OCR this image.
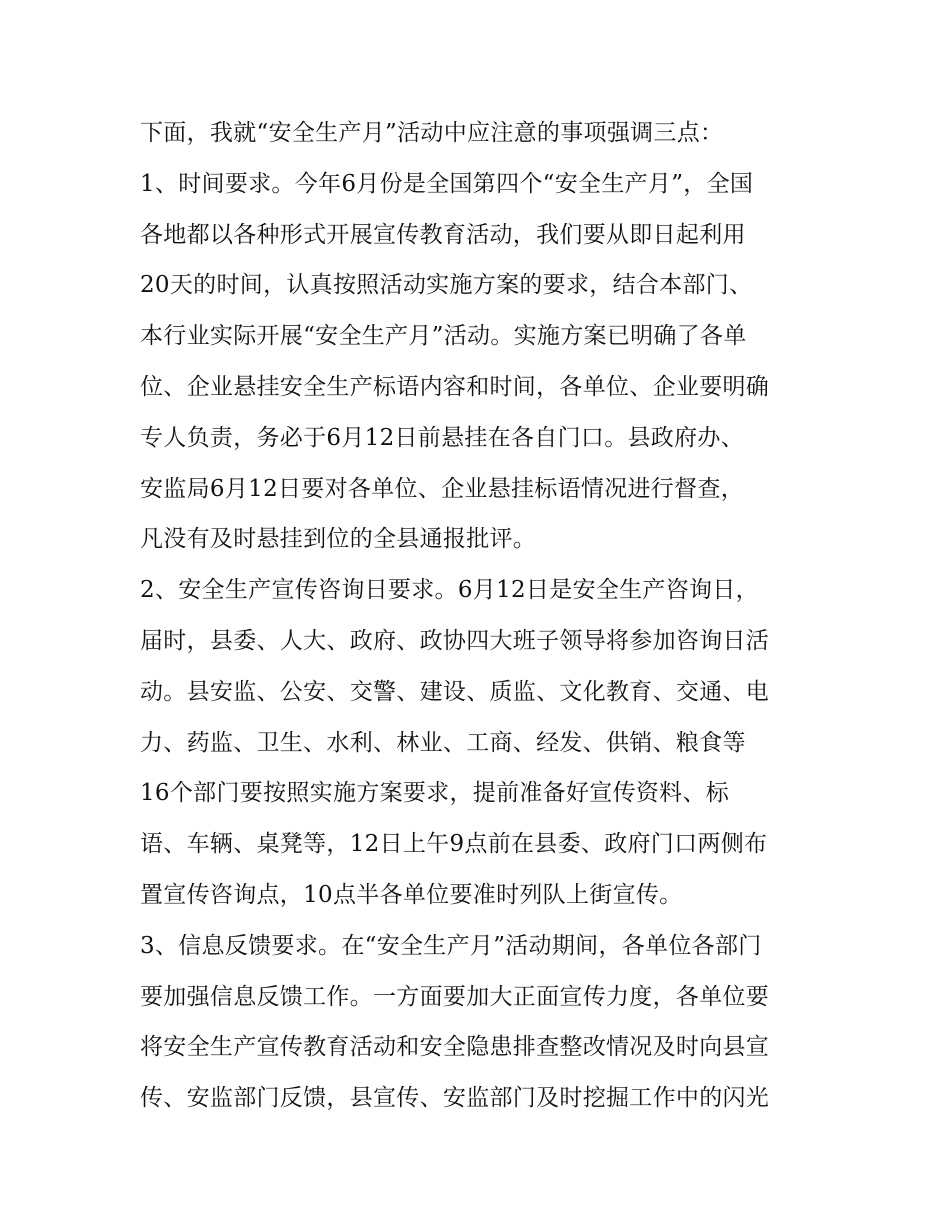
下面，我就“安全生产月”活动中应注意的事项强调三点：
1、时间要求。今年6月份是全国第四个“安全生产月”，全国
各地都以各种形式开展宣传教育活动，我们要从即日起利用
20天的时间，认真按照活动实施方案的要求，结合本部门、
本行业实际开展“安全生产月”活动。实施方案已明确了各单
位、企业悬挂安全生产标语内容和时间，各单位、企业要明确
专人负责，务必于6月12日前悬挂在各自门口。县政府办、
安监局6月12日要对各单位、企业悬挂标语情况进行督查，
凡没有及时悬挂到位的全县通报批评。
2、安全生产宣传咨询日要求。6月12日是安全生产咨询日，
届时，县委、人大、政府、政协四大班子领导将参加咨询日活
动。县安监、公安、交警、建设、质监、文化教育、交通、电
力、药监、卫生、水利、林业、工商、经发、供销、粮食等
16个部门要按照实施方案要求，提前准备好宣传资料、标
语、车辆、桌凳等，12日上午9点前在县委、政府门口两侧布
置宣传咨询点，10点半各单位要准时列队上街宣传。
3、信息反馈要求。在“安全生产月”活动期间，各单位各部门
要加强信息反馈工作。一方面要加大正面宣传力度，各单位要
将安全生产宣传教育活动和安全隐患排查整改情况及时向县宣
传、安监部门反馈，县宣传、安监部门及时挖掘工作中的闪光
